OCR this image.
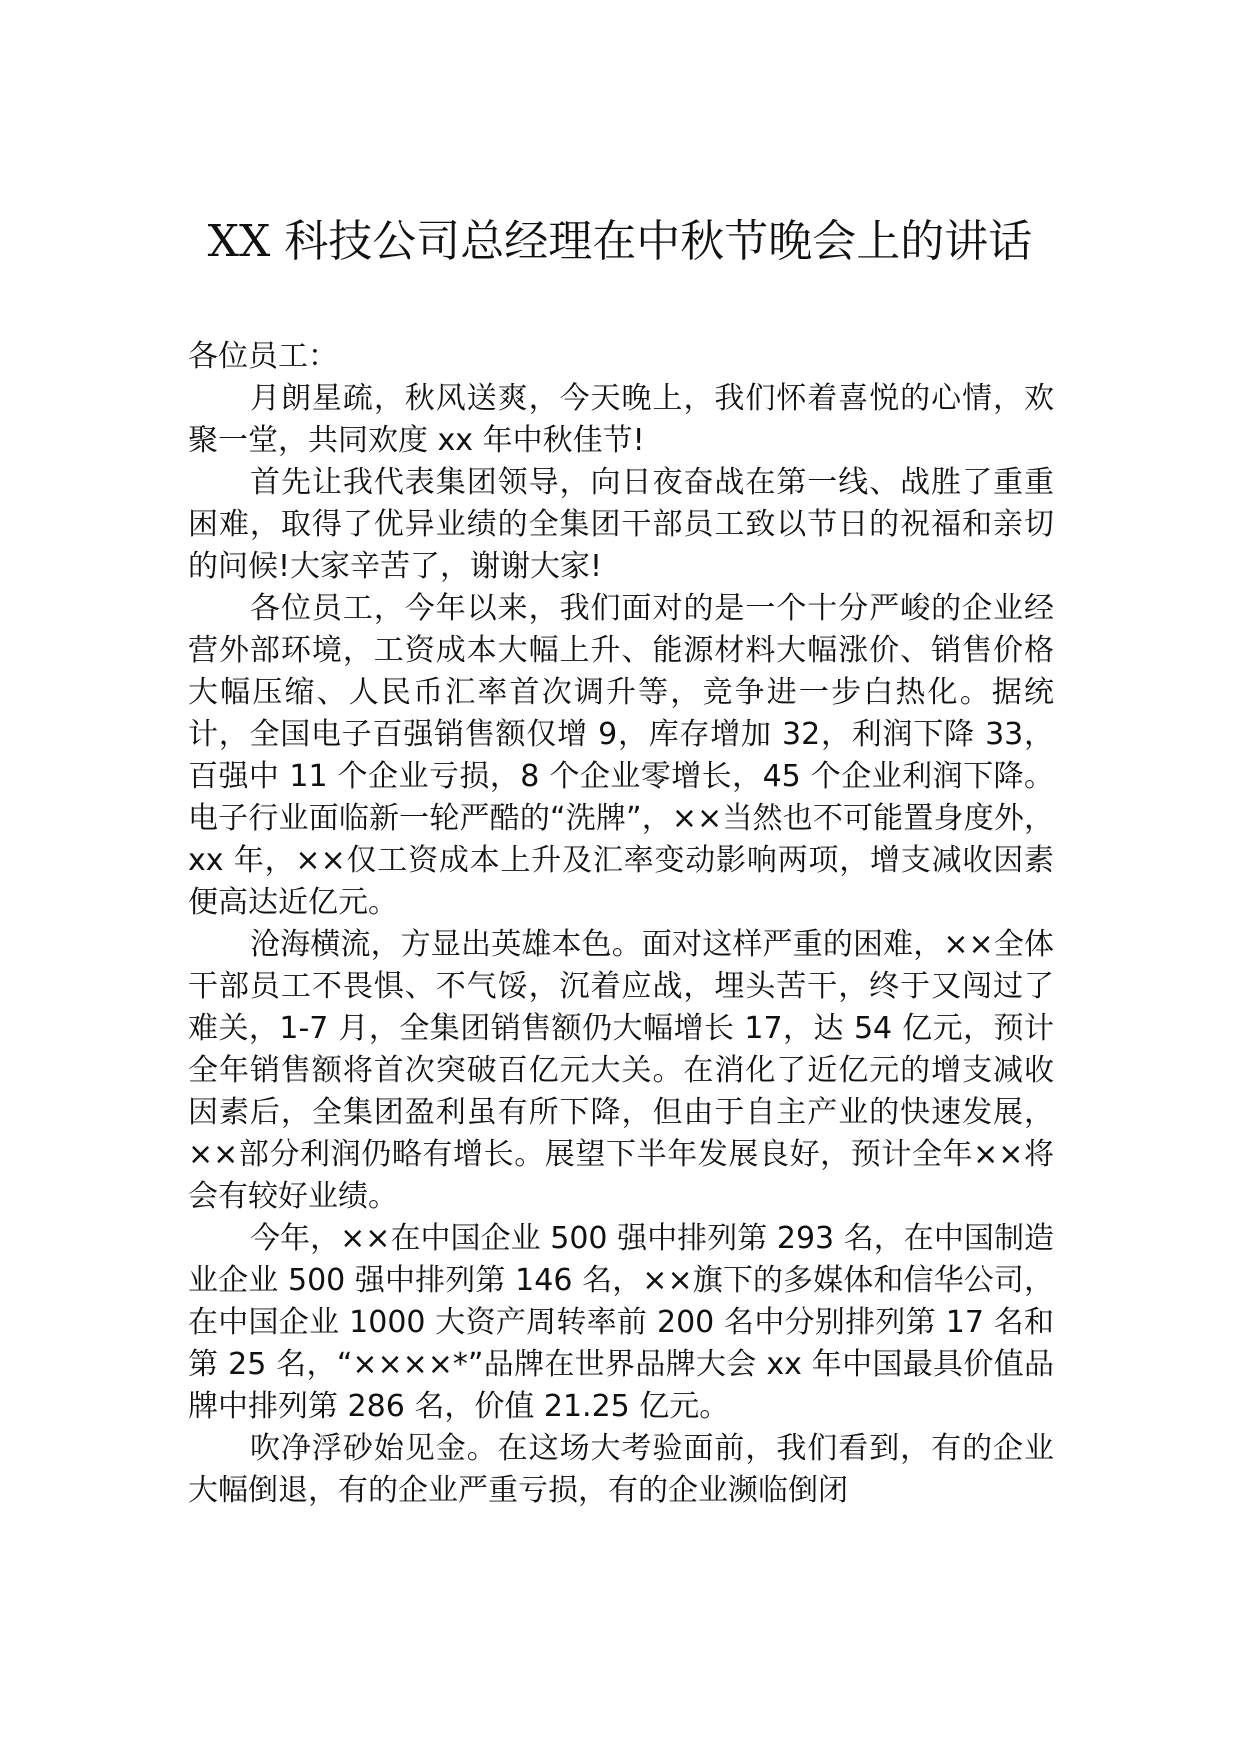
XX 科技公司总经理在中秋节晚会上的讲话

各位员工：

月朗星疏，秋风送爽，今天晚上，我们怀着喜悦的心情，欢聚一堂，共同欢度 xx 年中秋佳节!

首先让我代表集团领导，向日夜奋战在第一线、战胜了重重困难，取得了优异业绩的全集团干部员工致以节日的祝福和亲切的问候!大家辛苦了，谢谢大家!

各位员工，今年以来，我们面对的是一个十分严峻的企业经营外部环境，工资成本大幅上升、能源材料大幅涨价、销售价格大幅压缩、人民币汇率首次调升等，竞争进一步白热化。据统计，全国电子百强销售额仅增 9，库存增加 32，利润下降 33，百强中 11 个企业亏损，8 个企业零增长，45 个企业利润下降。电子行业面临新一轮严酷的“洗牌”，××当然也不可能置身度外，xx 年，××仅工资成本上升及汇率变动影响两项，增支减收因素便高达近亿元。

沧海横流，方显出英雄本色。面对这样严重的困难，××全体干部员工不畏惧、不气馁，沉着应战，埋头苦干，终于又闯过了难关，1-7 月，全集团销售额仍大幅增长 17，达 54 亿元，预计全年销售额将首次突破百亿元大关。在消化了近亿元的增支减收因素后，全集团盈利虽有所下降，但由于自主产业的快速发展，××部分利润仍略有增长。展望下半年发展良好，预计全年××将会有较好业绩。

今年，××在中国企业 500 强中排列第 293 名，在中国制造业企业 500 强中排列第 146 名，××旗下的多媒体和信华公司，在中国企业 1000 大资产周转率前 200 名中分别排列第 17 名和第 25 名，“××××*”品牌在世界品牌大会 xx 年中国最具价值品牌中排列第 286 名，价值 21.25 亿元。

吹净浮砂始见金。在这场大考验面前，我们看到，有的企业大幅倒退，有的企业严重亏损，有的企业濒临倒闭
